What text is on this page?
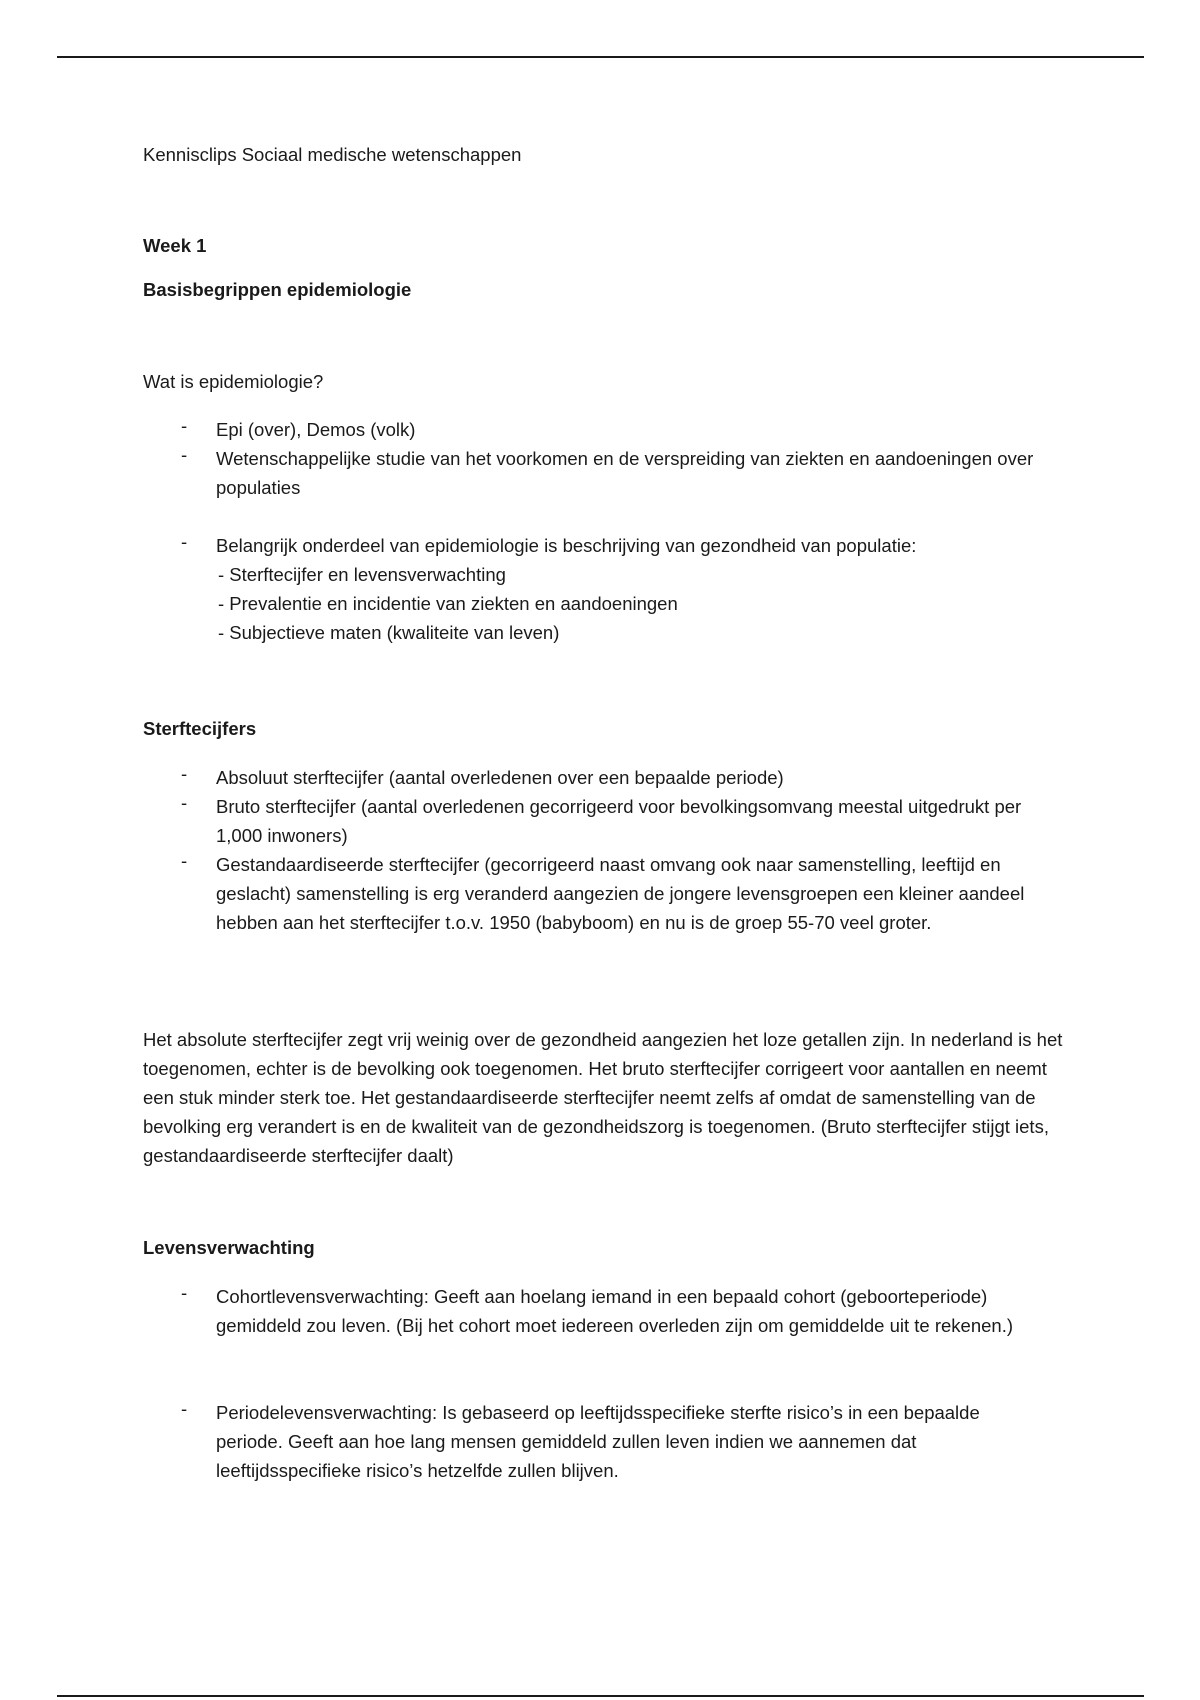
Kennisclips Sociaal medische wetenschappen

Week 1

Basisbegrippen epidemiologie

Wat is epidemiologie?

-	Epi (over), Demos (volk)
-	Wetenschappelijke studie van het voorkomen en de verspreiding van ziekten en aandoeningen over populaties
-	Belangrijk onderdeel van epidemiologie is beschrijving van gezondheid van populatie:
- Sterftecijfer en levensverwachting
- Prevalentie en incidentie van ziekten en aandoeningen
- Subjectieve maten (kwaliteite van leven)

Sterftecijfers

-	Absoluut sterftecijfer (aantal overledenen over een bepaalde periode)
-	Bruto sterftecijfer (aantal overledenen gecorrigeerd voor bevolkingsomvang meestal uitgedrukt per 1,000 inwoners)
-	Gestandaardiseerde sterftecijfer (gecorrigeerd naast omvang ook naar samenstelling, leeftijd en geslacht) samenstelling is erg veranderd aangezien de jongere levensgroepen een kleiner aandeel hebben aan het sterftecijfer t.o.v. 1950 (babyboom) en nu is de groep 55-70 veel groter.

Het absolute sterftecijfer zegt vrij weinig over de gezondheid aangezien het loze getallen zijn. In nederland is het toegenomen, echter is de bevolking ook toegenomen. Het bruto sterftecijfer corrigeert voor aantallen en neemt een stuk minder sterk toe. Het gestandaardiseerde sterftecijfer neemt zelfs af omdat de samenstelling van de bevolking erg verandert is en de kwaliteit van de gezondheidszorg is toegenomen. (Bruto sterftecijfer stijgt iets, gestandaardiseerde sterftecijfer daalt)

Levensverwachting

-	Cohortlevensverwachting: Geeft aan hoelang iemand in een bepaald cohort (geboorteperiode) gemiddeld zou leven. (Bij het cohort moet iedereen overleden zijn om gemiddelde uit te rekenen.)
-	Periodelevensverwachting: Is gebaseerd op leeftijdsspecifieke sterfte risico’s in een bepaalde periode. Geeft aan hoe lang mensen gemiddeld zullen leven indien we aannemen dat leeftijdsspecifieke risico’s hetzelfde zullen blijven.
